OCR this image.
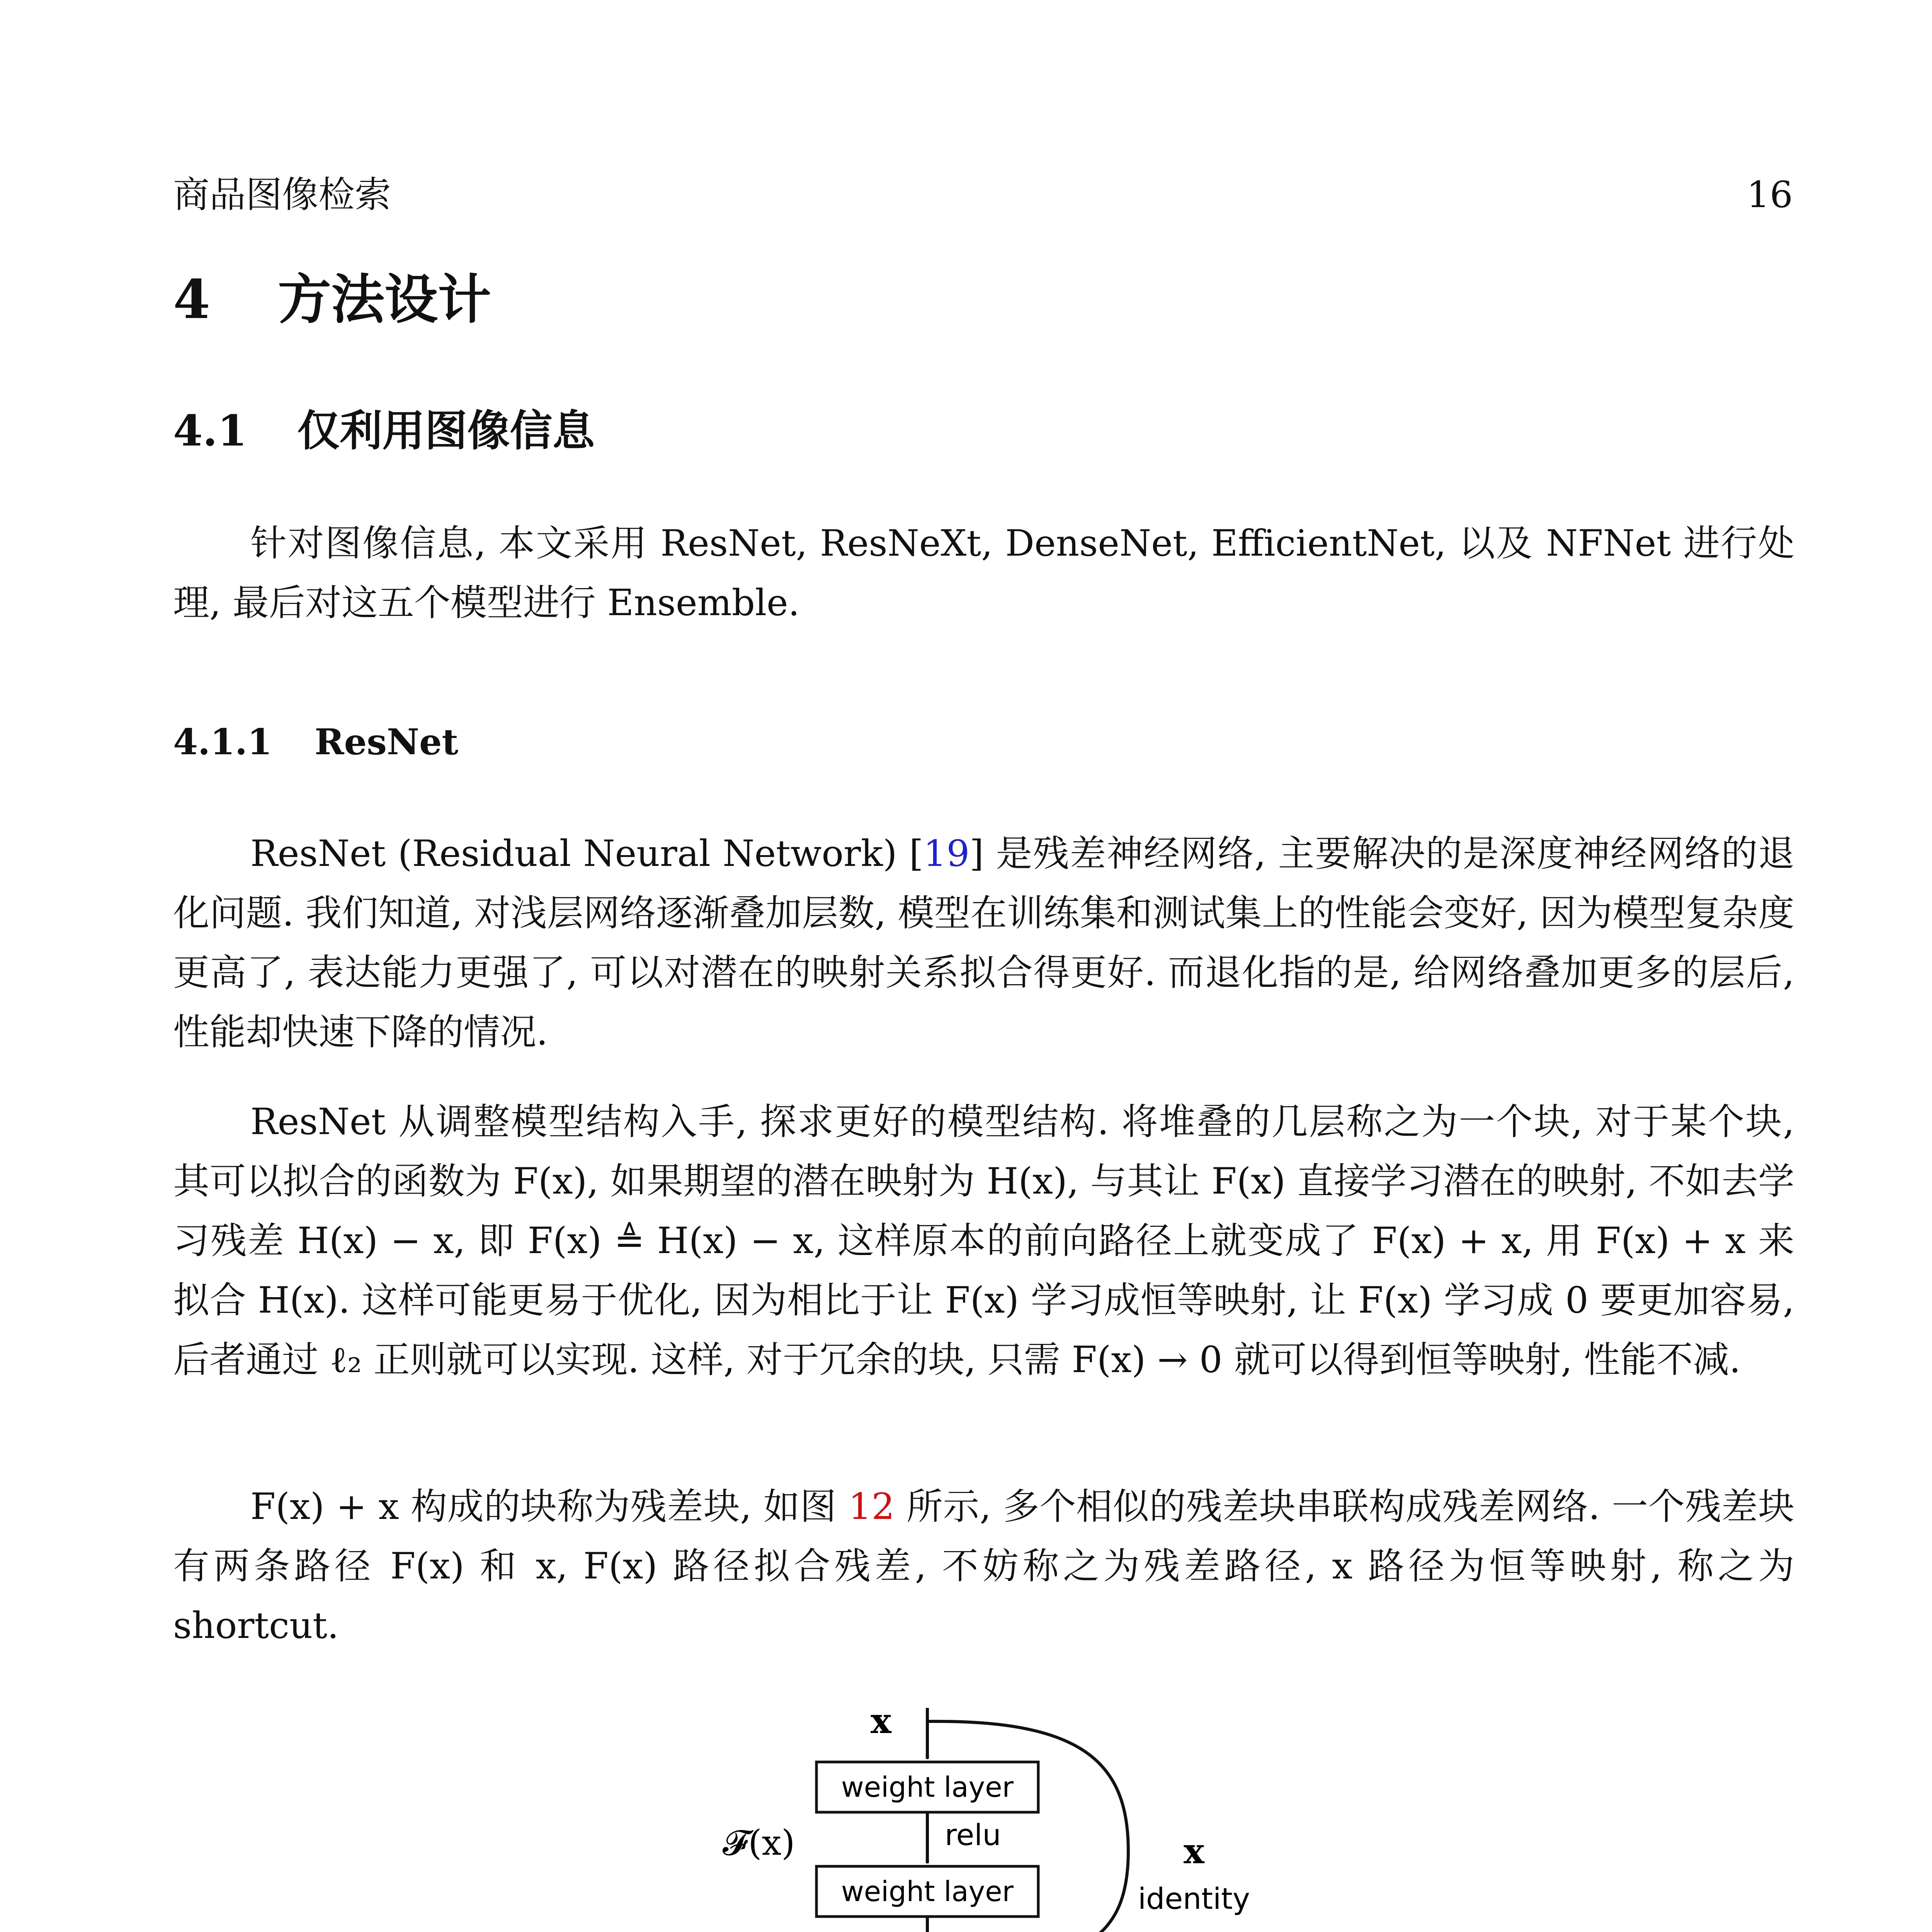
商品图像检索	16
4 方法设计
4.1 仅利用图像信息

针对图像信息, 本文采用 ResNet, ResNeXt, DenseNet, EfficientNet, 以及 NFNet 进行处理, 最后对这五个模型进行 Ensemble.

4.1.1 ResNet

ResNet (Residual Neural Network) [19] 是残差神经网络, 主要解决的是深度神经网络的退化问题. 我们知道, 对浅层网络逐渐叠加层数, 模型在训练集和测试集上的性能会变好, 因为模型复杂度更高了, 表达能力更强了, 可以对潜在的映射关系拟合得更好. 而退化指的是, 给网络叠加更多的层后, 性能却快速下降的情况.

ResNet 从调整模型结构入手, 探求更好的模型结构. 将堆叠的几层称之为一个块, 对于某个块, 其可以拟合的函数为 F(x), 如果期望的潜在映射为 H(x), 与其让 F(x) 直接学习潜在的映射, 不如去学习残差 H(x) − x, 即 F(x) ≜ H(x) − x, 这样原本的前向路径上就变成了 F(x) + x, 用 F(x) + x 来拟合 H(x). 这样可能更易于优化, 因为相比于让 F(x) 学习成恒等映射, 让 F(x) 学习成 0 要更加容易, 后者通过 ℓ₂ 正则就可以实现. 这样, 对于冗余的块, 只需 F(x) → 0 就可以得到恒等映射, 性能不减.

F(x) + x 构成的块称为残差块, 如图 12 所示, 多个相似的残差块串联构成残差网络. 一个残差块有两条路径 F(x) 和 x, F(x) 路径拟合残差, 不妨称之为残差路径, x 路径为恒等映射, 称之为 shortcut.

x
weight layer
relu
weight layer
𝓕(x)	x
identity
